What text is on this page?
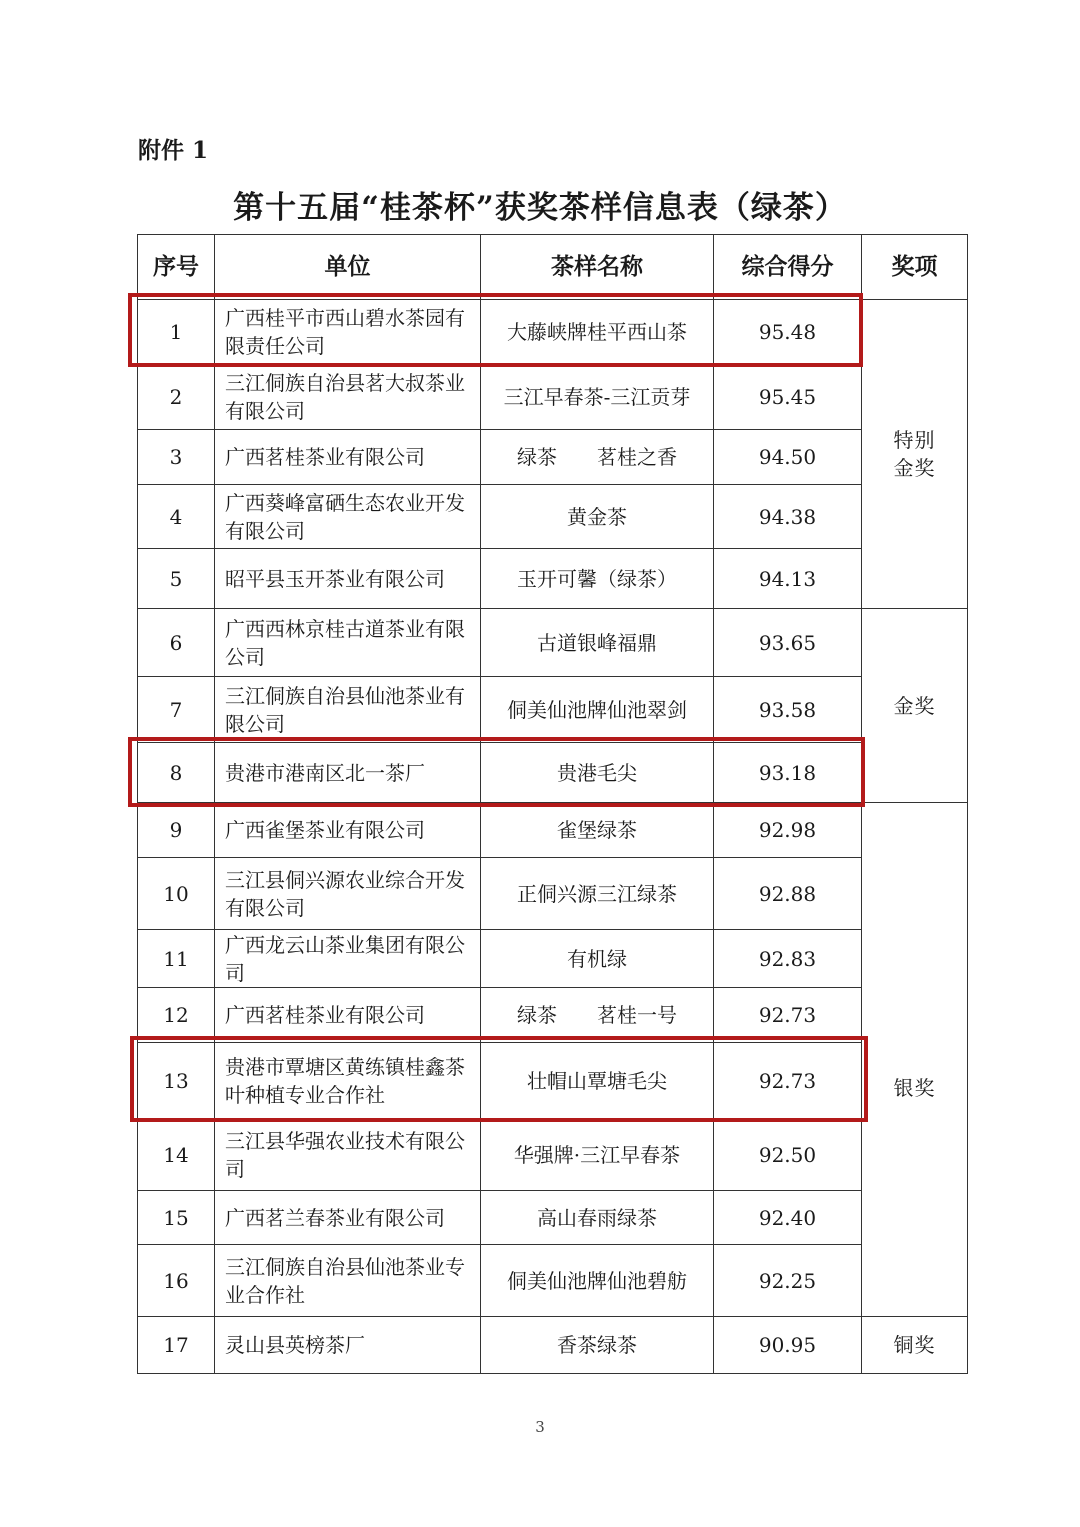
附件 1
第十五届“桂茶杯”获奖茶样信息表（绿茶）
序号	单位	茶样名称	综合得分	奖项
1	广西桂平市西山碧水茶园有限责任公司	大藤峡牌桂平西山茶	95.48	特别金奖

2	三江侗族自治县茗大叔茶业有限公司	三江早春茶-三江贡芽	95.45	
3	广西茗桂茶业有限公司	绿茶　　茗桂之香	94.50	
4	广西葵峰富硒生态农业开发有限公司	黄金茶	94.38	
5	昭平县玉开茶业有限公司	玉开可馨（绿茶）	94.13	
6	广西西林京桂古道茶业有限公司	古道银峰福鼎	93.65	金奖
7	三江侗族自治县仙池茶业有限公司	侗美仙池牌仙池翠剑	93.58	
8	贵港市港南区北一茶厂	贵港毛尖	93.18	
9	广西雀堡茶业有限公司	雀堡绿茶	92.98	银奖
10	三江县侗兴源农业综合开发有限公司	正侗兴源三江绿茶	92.88	
11	广西龙云山茶业集团有限公司	有机绿	92.83	
12	广西茗桂茶业有限公司	绿茶　　茗桂一号	92.73	
13	贵港市覃塘区黄练镇桂鑫茶叶种植专业合作社	壮帽山覃塘毛尖	92.73	
14	三江县华强农业技术有限公司	华强牌·三江早春茶	92.50	
15	广西茗兰春茶业有限公司	高山春雨绿茶	92.40	
16	三江侗族自治县仙池茶业专业合作社	侗美仙池牌仙池碧舫	92.25	
17	灵山县英榜茶厂	香茶绿茶	90.95	铜奖
3
